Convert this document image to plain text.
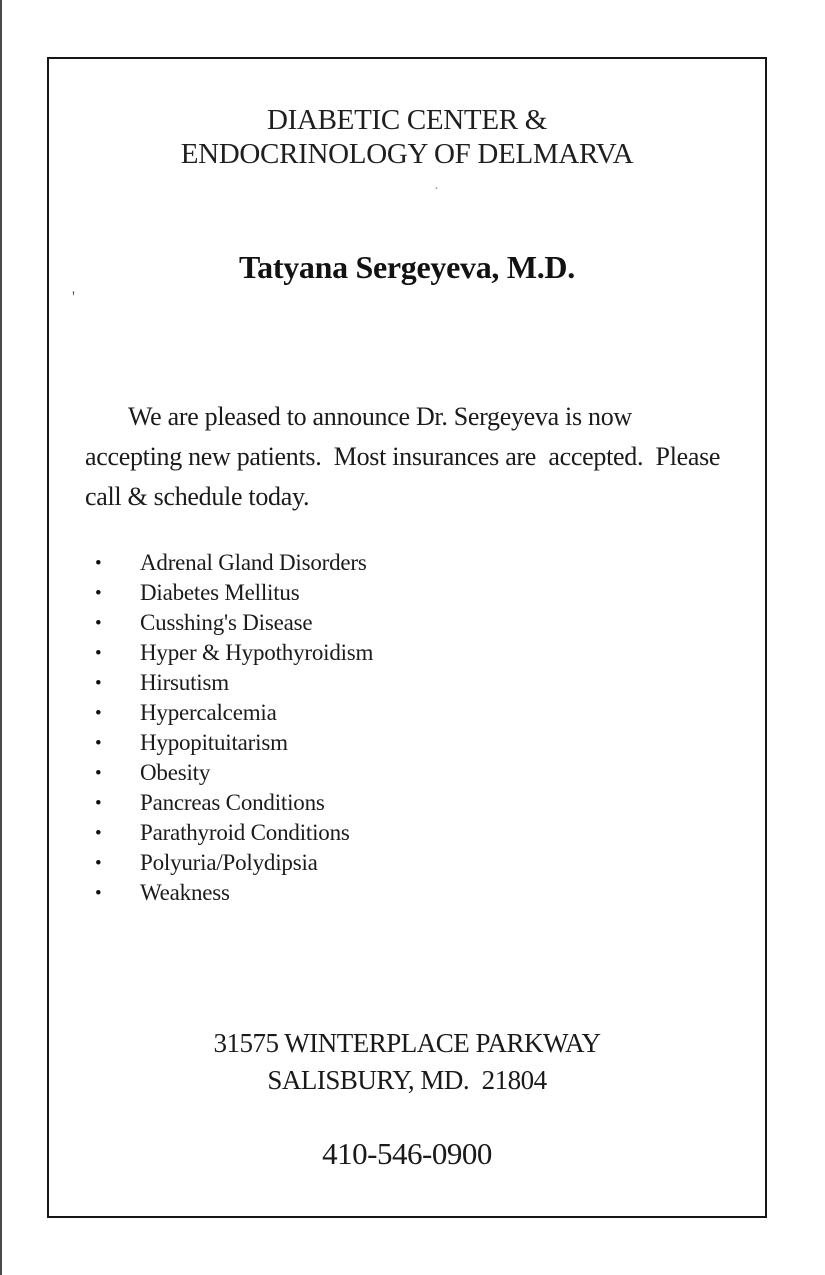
DIABETIC CENTER &
ENDOCRINOLOGY OF DELMARVA
·
Tatyana Sergeyeva, M.D.
'
We are pleased to announce Dr. Sergeyeva is now
accepting new patients.  Most insurances are  accepted.  Please
call & schedule today.
• Adrenal Gland Disorders
• Diabetes Mellitus
• Cusshing's Disease
• Hyper & Hypothyroidism
• Hirsutism
• Hypercalcemia
• Hypopituitarism
• Obesity
• Pancreas Conditions
• Parathyroid Conditions
• Polyuria/Polydipsia
• Weakness
31575 WINTERPLACE PARKWAY
SALISBURY, MD.  21804
410-546-0900
